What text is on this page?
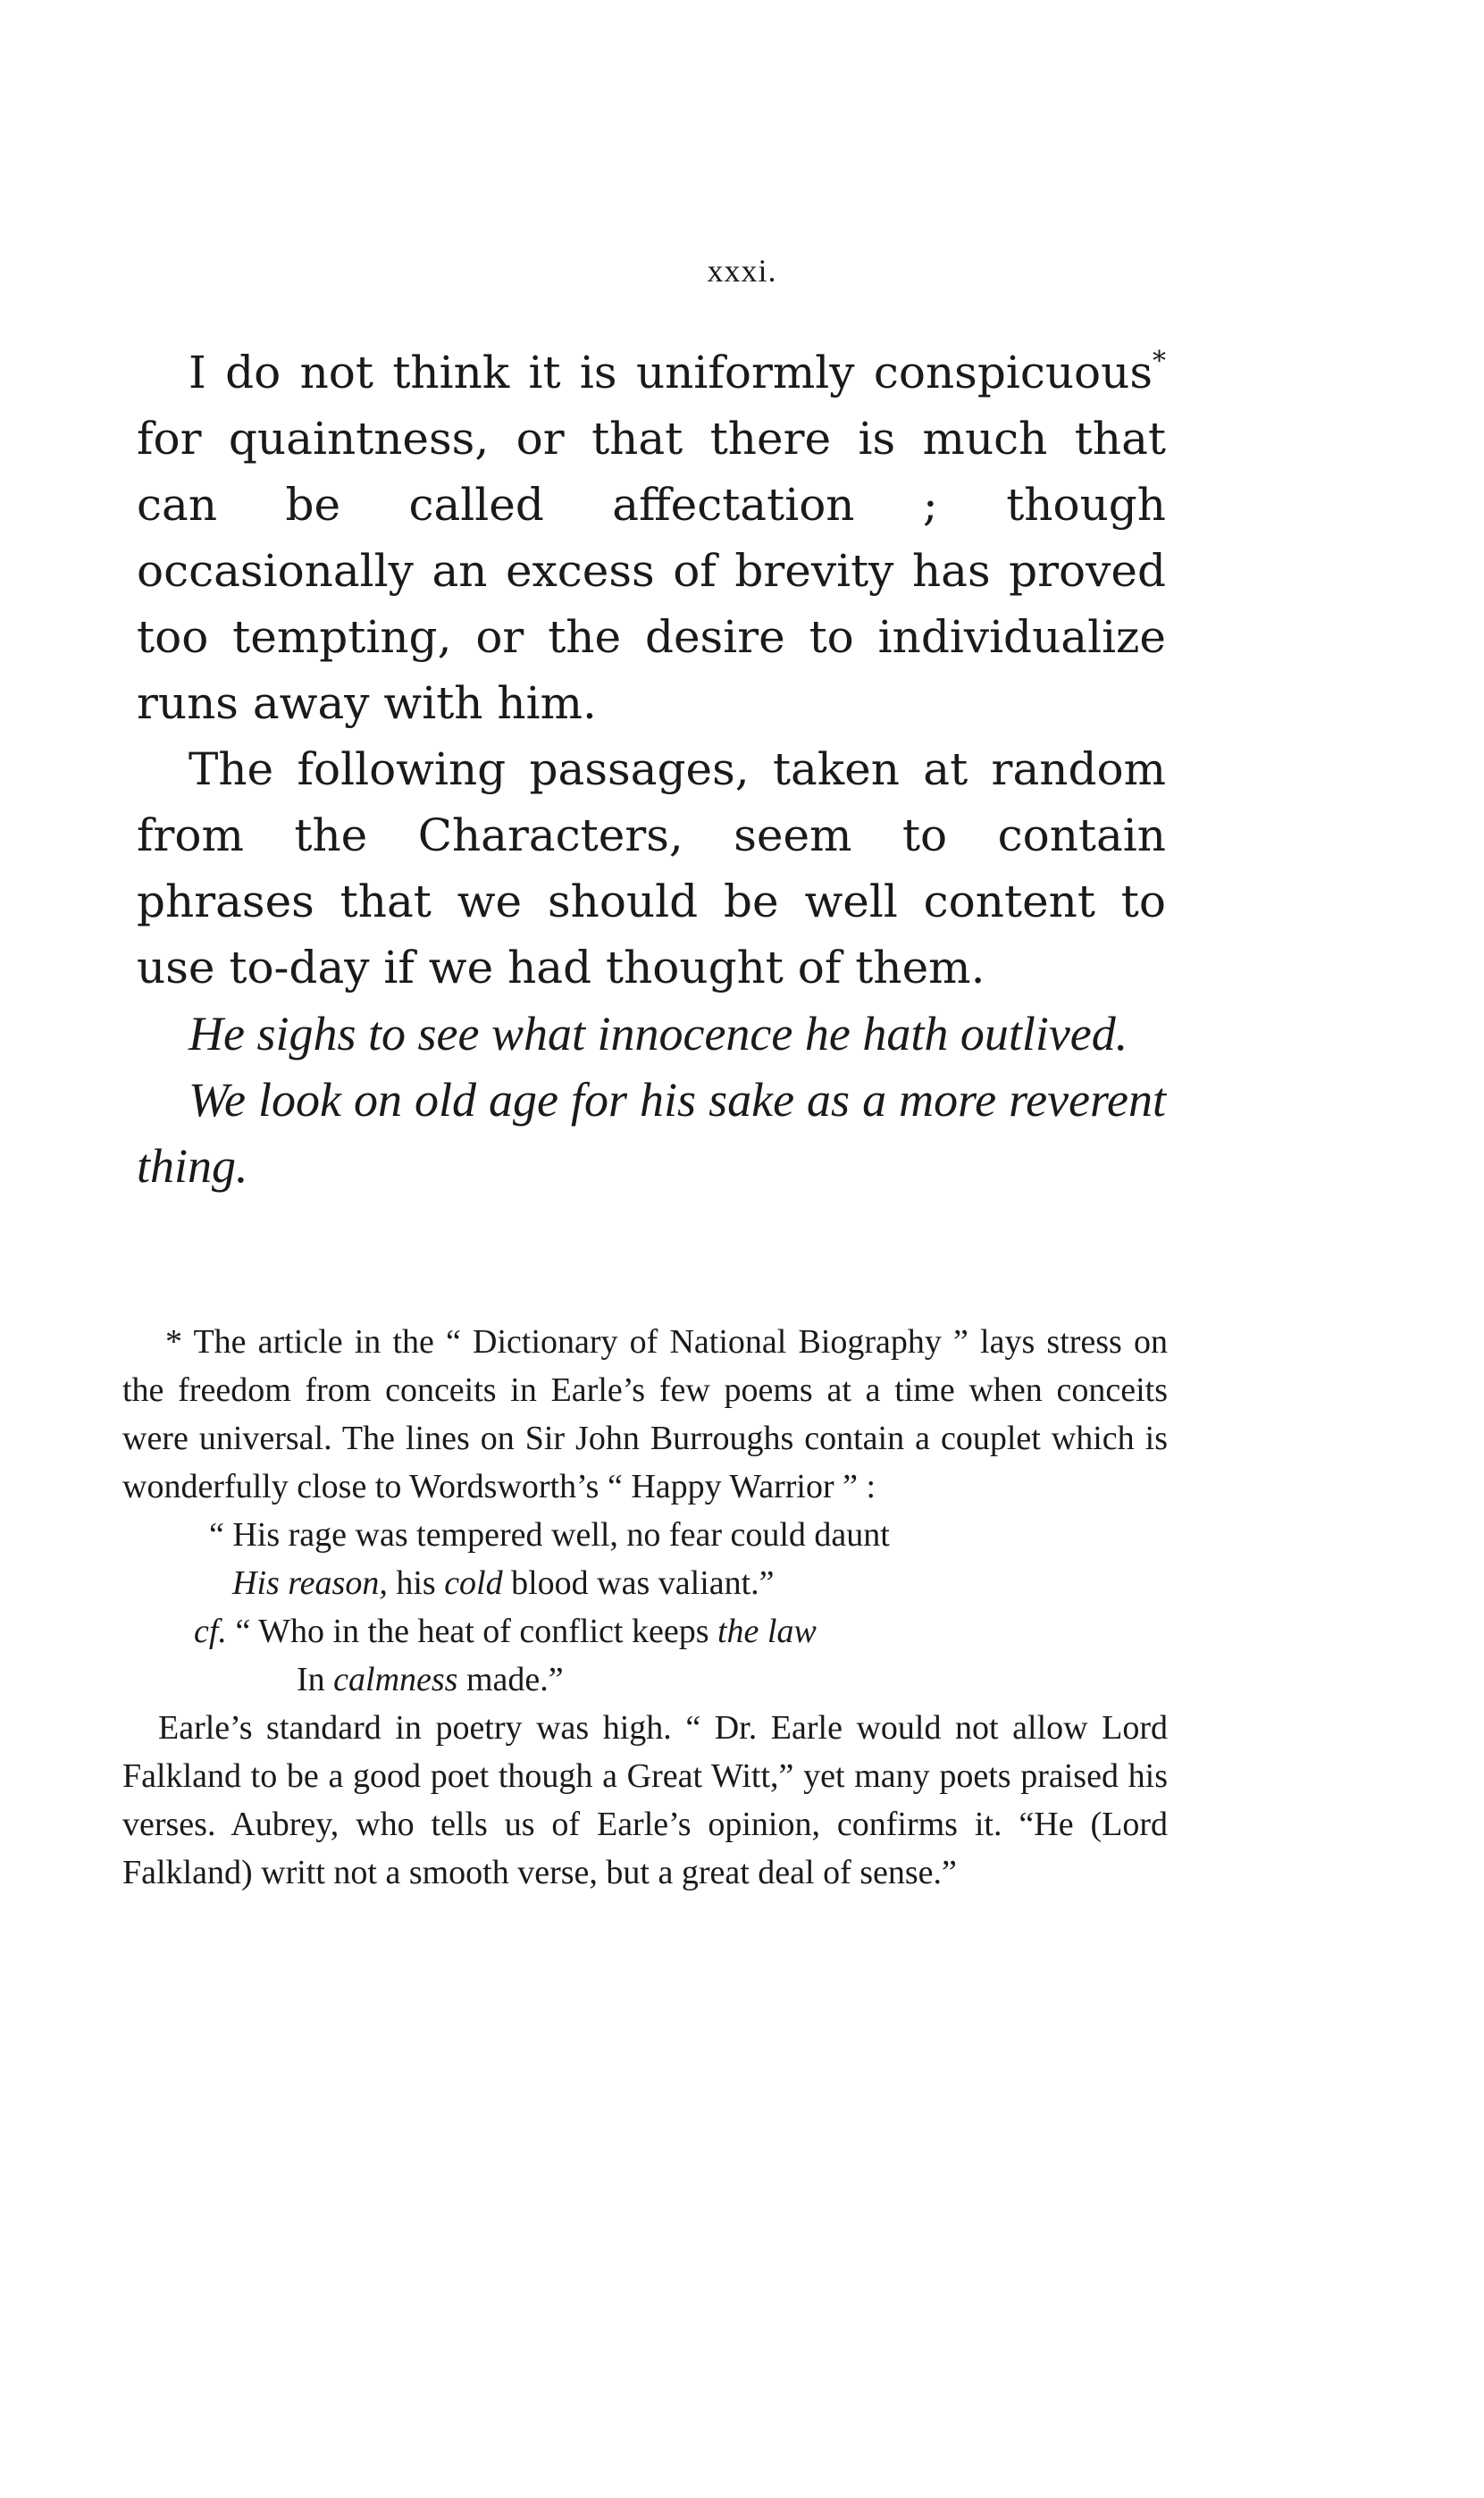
xxxi.

I do not think it is uniformly conspicuous* for quaintness, or that there is much that can be called affectation ; though occasionally an excess of brevity has proved too tempting, or the desire to individualize runs away with him.

The following passages, taken at random from the Characters, seem to contain phrases that we should be well content to use to-day if we had thought of them.

He sighs to see what innocence he hath outlived.

We look on old age for his sake as a more reverent thing.

* The article in the “ Dictionary of National Biography ” lays stress on the freedom from conceits in Earle’s few poems at a time when conceits were universal. The lines on Sir John Burroughs contain a couplet which is wonderfully close to Wordsworth’s “ Happy Warrior ” :

“ His rage was tempered well, no fear could daunt
His reason, his cold blood was valiant.”
cf. “ Who in the heat of conflict keeps the law
In calmness made.”

Earle’s standard in poetry was high. “ Dr. Earle would not allow Lord Falkland to be a good poet though a Great Witt,” yet many poets praised his verses. Aubrey, who tells us of Earle’s opinion, confirms it. “He (Lord Falkland) writt not a smooth verse, but a great deal of sense.”
